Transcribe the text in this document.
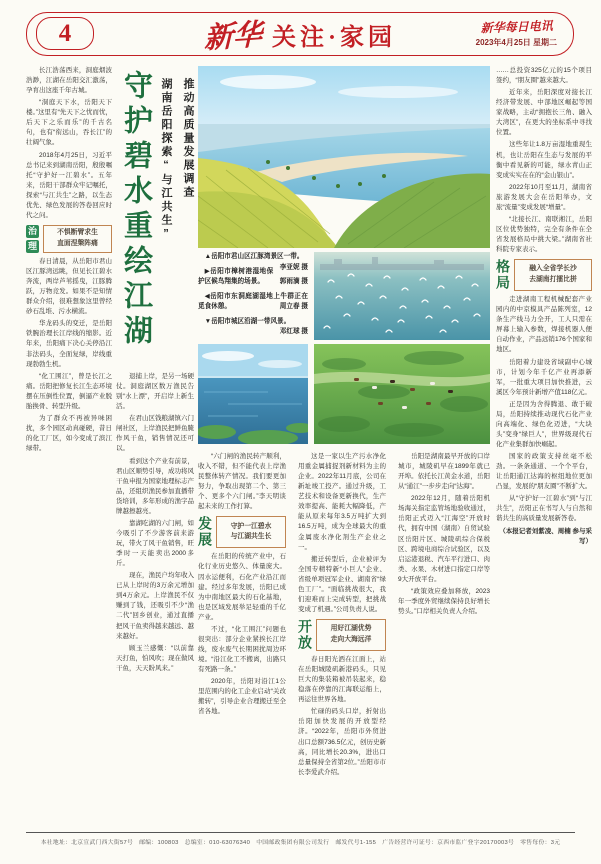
4	新华 关注·家园	新华每日电讯
2023年4月25日 星期二

长江浩荡西来，洞庭烟波浩渺，江湖在岳阳交汇激荡，孕育出这座千年古城。

“洞庭天下水，岳阳天下楼。”这里有“先天下之忧而忧，后天下之乐而乐”的千古名句，也有“衔远山，吞长江”的壮阔气象。

2018年4月25日，习近平总书记来到湖南岳阳，殷殷嘱托“守护好一江碧水”。五年来，岳阳干部群众牢记嘱托，探索“与江共生”之路，以生态优先、绿色发展的答卷回应时代之问。

治
理
不惧断臂求生
直面涅槃阵痛

春日清晨，从岳阳市君山区江豚湾远眺，但见长江碧水奔流，两岸芦苇摇曳，江豚腾跃，万物竞发。如果不是知情群众介绍，很难想象这里曾经砂石乱堆、污水横流。

华龙码头的变迁，是岳阳铁腕治理长江岸线的缩影。近年来，岳阳痛下决心关停沿江非法码头，全面复绿，岸线重现勃勃生机。

“化工围江”，曾是长江之痛。岳阳把修复长江生态环境摆在压倒性位置，倒逼产业脱胎换骨、转型升级。

为了群众不再被异味困扰，多个园区动真碰硬，昔日的化工厂区，如今变成了滨江绿带。

守护碧水重绘江湖 湖南岳阳探索“与江共生” 推动高质量发展调查

退捕上岸，是另一场硬仗。洞庭湖区数万渔民告别“水上漂”，开启岸上新生活。

在君山区钱粮湖镇六门闸社区，上岸渔民把鲜鱼腌作风干鱼，销售情况还可以。

看到这个产业有前景，君山区顺势引导，成功将风干鱼申报为国家地理标志产品，还组织渔民参加直播带货培训，多年形成的渔字品牌越擦越亮。

靠湖吃湖的六门闸，如今吸引了不少游客前来游玩，带火了风干鱼销售，旺季时一天能卖出2000多斤。

现在，渔民户均年收入已从上岸时的3万余元增加到4万余元。上岸渔民不仅赚到了钱，还吸引不少“渔二代”回乡创业，通过直播把风干鱼卖得越来越远、越来越好。

顾玉兰感慨：“以前靠天打鱼，怕风吹；现在做风干鱼，天天盼风来。”

▲岳阳市君山区江豚湾景区一带。
李亚妮 摄

▶岳阳市樟树港湿地保护区候鸟翔集的场景。	郭雨滴 摄

◀岳阳市东洞庭湖湿地上牛群正在觅食休憩。	周立春 摄

▼岳阳市城区沿湖一带风景。
邓红球 摄

“六门闸的渔民转产顺利，收入不错，但不能代表上岸渔民整体转产情况。我们要更加努力，争取出现第二个、第三个、更多个六门闸。”李天明谈起未来的工作打算。

发展	守护一江碧水
与江湖共生长

在岳阳的传统产业中，石化行业历史悠久、体量庞大。因水运便利，石化产业沿江而建。经过多年发展，岳阳已成为中南地区最大的石化基地，也是区域发展举足轻重的千亿产业。

不过，“化工围江”问题也很突出：部分企业紧挨长江岸线，废水废气长期困扰周边环境。“沿江化工不搬离，出路只有死路一条。”

2020年，岳阳对沿江1公里范围内的化工企业启动“关改搬转”，引导企业合理搬迁至全省各地。

这是一家以生产污水净化用重金属捕捉剂新材料为主的企业。2022年11月底，公司在新址竣工投产。通过升级，工艺技术和设备更新换代，生产效率提高、能耗大幅降低，产能从原来每年3.5万吨扩大到16.5万吨，成为全球最大的重金属废水净化剂生产企业之一。

搬迁转型后，企业被评为全国专精特新“小巨人”企业、省级单项冠军企业、湖南省“绿色工厂”。“面临挑战很大，我们迎难而上完成转型，把挑战变成了机遇。”公司负责人说。

开放	用好江湖优势
走向大海远洋

春日阳光洒在江面上，站在岳阳城陵矶新港码头，只见巨大的集装箱被吊装起来，稳稳落在停靠的江海联运船上，再运往世界各地。

忙碌的码头口岸，折射出岳阳加快发展的开放型经济。“2022年，岳阳市外贸进出口总额736.5亿元，创历史新高，同比增长20.3%，进出口总量保持全省第2位。”岳阳市市长李爱武介绍。

岳阳是湖南最早开放的口岸城市，城陵矶早在1899年就已开埠。依托长江黄金水道，岳阳从“通江”一步步走向“达海”。

2022年12月，随着岳阳机场海关指定监管场地验收通过，岳阳正式迈入“江海空”开放时代，拥有中国（湖南）自贸试验区岳阳片区、城陵矶综合保税区、跨境电商综合试验区，以及启运港退税、汽车平行进口、肉类、水果、木材进口指定口岸等9大开放平台。

“政策效应叠加释放，2023年一季度外贸继续保持良好增长势头。”口岸相关负责人介绍。

……总投资325亿元的15个项目签约，“朋友圈”越来越大。

近年来，岳阳深度对接长江经济带发展、中部地区崛起等国家战略，主动“拥抱长三角、融入大湾区”，在更大的坐标系中寻找位置。

这些年让1.8万亩湿地重现生机，也让岳阳在生态与发展的平衡中看见新的可能，绿水青山正变成实实在在的“金山银山”。

2022年10月至11月，湖南省旅游发展大会在岳阳举办，文旅“流量”变成发展“增量”。

“北接长江、南联湘江，岳阳区位优势独特，完全有条件在全省发展格局中挑大梁。”湖南省社科院专家表示。

格局	融入全省学长沙
去湖南打擂比拼

走进湖南工程机械配套产业园内的中京模具产品陈列室，12条生产线马力全开，工人只需在屏幕上输入参数，焊接机器人便自动作业，产品远销176个国家和地区。

岳阳着力建设省域副中心城市，计划今年千亿产业再添新军，一批重大项目加快推进，云溪区今年预计新增产值118亿元。

正是因为舍得腾退、敢于破局，岳阳持续推动现代石化产业向高端化、绿色化迈进，“大块头”变身“绿巨人”，世界级现代石化产业集群加快崛起。

国家的政策支持丝毫不松劲。一条条通道、一个个平台，让岳阳通江达海的枢纽地位更加凸显，发展的“朋友圈”不断扩大。

从“守护好一江碧水”到“与江共生”，岳阳正在书写人与自然和谐共生的高质量发展新答卷。

（本报记者刘紫凌、周楠 参与采写）

本社地址：北京宣武门西大街57号　邮编：100803　总编室：010-63076340　中国邮政集团有限公司发行　邮发代号1-155　广告经营许可证号：京西市监广登字20170003号　零售每份：3元
